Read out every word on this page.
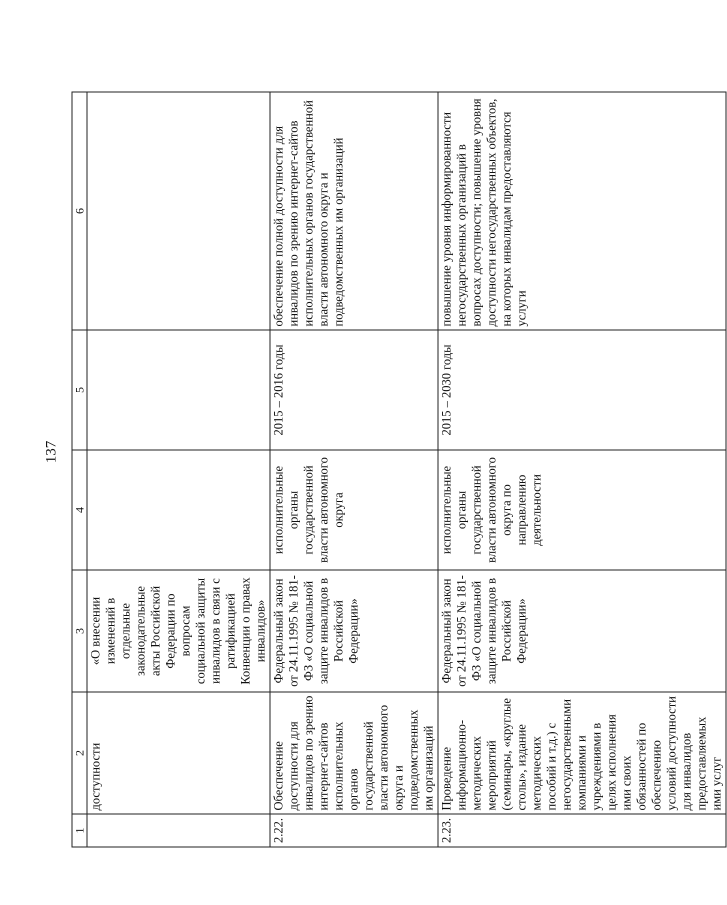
137
1	2	3	4	5	6
	доступности	«О внесении изменений в отдельные законодательные акты Российской Федерации по вопросам социальной защиты инвалидов в связи с ратификацией Конвенции о правах инвалидов»			
2.22.	Обеспечение доступности для инвалидов по зрению интернет-сайтов исполнительных органов государственной власти автономного округа и подведомственных им организаций	Федеральный закон от 24.11.1995 № 181-ФЗ «О социальной защите инвалидов в Российской Федерации»	исполнительные органы государственной власти автономного округа	2015 – 2016 годы	обеспечение полной доступности для инвалидов по зрению интернет-сайтов исполнительных органов государственной власти автономного округа и подведомственных им организаций
2.23.	Проведение информационно-методических мероприятий (семинары, «круглые столы», издание методических пособий и т.д.) с негосударственными компаниями и учреждениями в целях исполнения ими своих обязанностей по обеспечению условий доступности для инвалидов предоставляемых ими услуг	Федеральный закон от 24.11.1995 № 181-ФЗ «О социальной защите инвалидов в Российской Федерации»	исполнительные органы государственной власти автономного округа по направлению деятельности	2015 – 2030 годы	повышение уровня информированности негосударственных организаций в вопросах доступности; повышение уровня доступности негосударственных объектов, на которых инвалидам предоставляются услуги
